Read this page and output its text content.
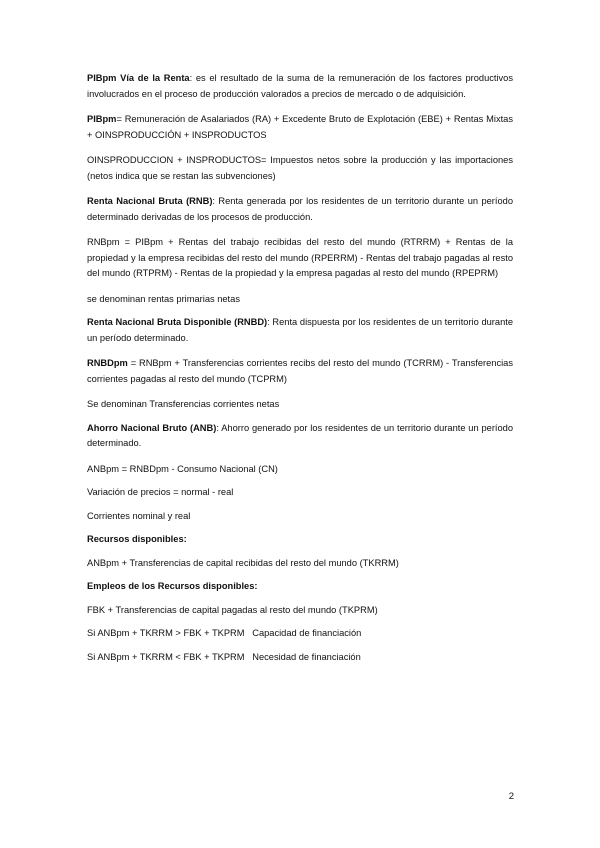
PIBpm Vía de la Renta: es el resultado de la suma de la remuneración de los factores productivos involucrados en el proceso de producción valorados a precios de mercado o de adquisición.

PIBpm= Remuneración de Asalariados (RA) + Excedente Bruto de Explotación (EBE) + Rentas Mixtas + OINSPRODUCCIÓN + INSPRODUCTOS

OINSPRODUCCION + INSPRODUCTOS= Impuestos netos sobre la producción y las importaciones (netos indica que se restan las subvenciones)

Renta Nacional Bruta (RNB): Renta generada por los residentes de un territorio durante un período determinado derivadas de los procesos de producción.

RNBpm = PIBpm + Rentas del trabajo recibidas del resto del mundo (RTRRM) + Rentas de la propiedad y la empresa recibidas del resto del mundo (RPERRM) - Rentas del trabajo pagadas al resto del mundo (RTPRM) - Rentas de la propiedad y la empresa pagadas al resto del mundo (RPEPRM)

se denominan rentas primarias netas

Renta Nacional Bruta Disponible (RNBD): Renta dispuesta por los residentes de un territorio durante un período determinado.

RNBDpm = RNBpm + Transferencias corrientes recibs del resto del mundo (TCRRM) - Transferencias corrientes pagadas al resto del mundo (TCPRM)

Se denominan Transferencias corrientes netas

Ahorro Nacional Bruto (ANB): Ahorro generado por los residentes de un territorio durante un período determinado.

ANBpm = RNBDpm - Consumo Nacional (CN)

Variación de precios = normal - real

Corrientes nominal y real

Recursos disponibles:

ANBpm + Transferencias de capital recibidas del resto del mundo (TKRRM)

Empleos de los Recursos disponibles:

FBK + Transferencias de capital pagadas al resto del mundo (TKPRM)

Si ANBpm + TKRRM > FBK + TKPRM   Capacidad de financiación

Si ANBpm + TKRRM < FBK + TKPRM   Necesidad de financiación

2
